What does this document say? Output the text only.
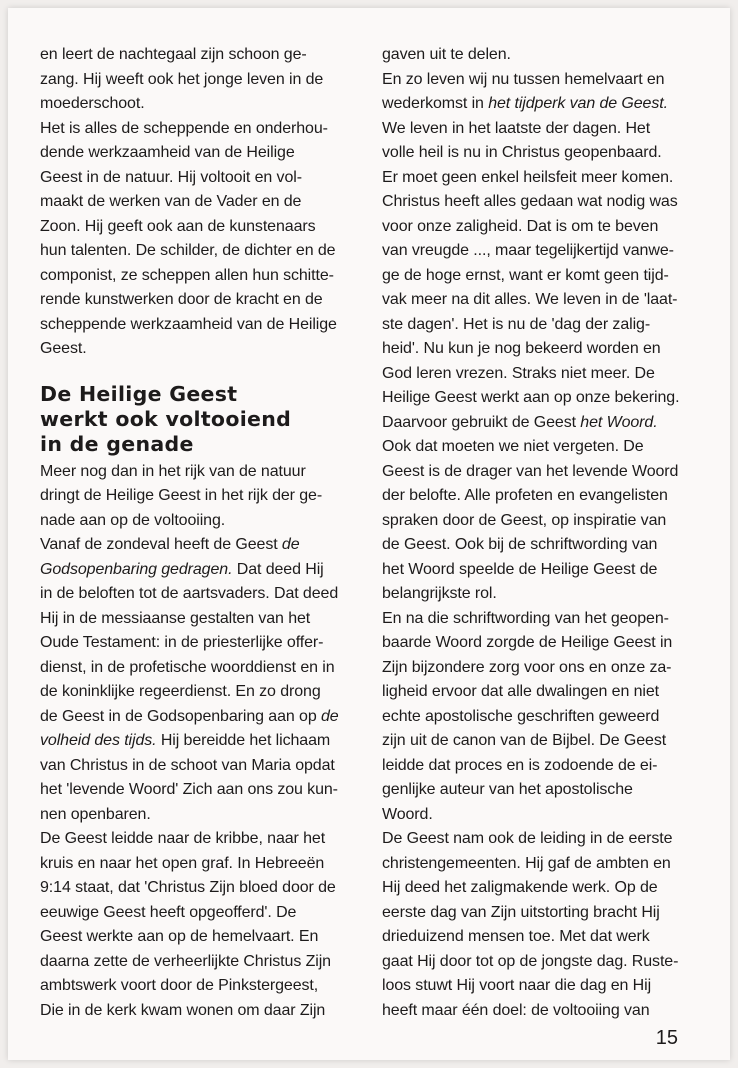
en leert de nachtegaal zijn schoon ge-
zang. Hij weeft ook het jonge leven in de
moederschoot.
Het is alles de scheppende en onderhou-
dende werkzaamheid van de Heilige
Geest in de natuur. Hij voltooit en vol-
maakt de werken van de Vader en de
Zoon. Hij geeft ook aan de kunstenaars
hun talenten. De schilder, de dichter en de
componist, ze scheppen allen hun schitte-
rende kunstwerken door de kracht en de
scheppende werkzaamheid van de Heilige
Geest.
De Heilige Geest
werkt ook voltooiend
in de genade
Meer nog dan in het rijk van de natuur
dringt de Heilige Geest in het rijk der ge-
nade aan op de voltooiing.
Vanaf de zondeval heeft de Geest de
Godsopenbaring gedragen. Dat deed Hij
in de beloften tot de aartsvaders. Dat deed
Hij in de messiaanse gestalten van het
Oude Testament: in de priesterlijke offer-
dienst, in de profetische woorddienst en in
de koninklijke regeerdienst. En zo drong
de Geest in de Godsopenbaring aan op de
volheid des tijds. Hij bereidde het lichaam
van Christus in de schoot van Maria opdat
het 'levende Woord' Zich aan ons zou kun-
nen openbaren.
De Geest leidde naar de kribbe, naar het
kruis en naar het open graf. In Hebreeën
9:14 staat, dat 'Christus Zijn bloed door de
eeuwige Geest heeft opgeofferd'. De
Geest werkte aan op de hemelvaart. En
daarna zette de verheerlijkte Christus Zijn
ambtswerk voort door de Pinkstergeest,
Die in de kerk kwam wonen om daar Zijn
gaven uit te delen.
En zo leven wij nu tussen hemelvaart en
wederkomst in het tijdperk van de Geest.
We leven in het laatste der dagen. Het
volle heil is nu in Christus geopenbaard.
Er moet geen enkel heilsfeit meer komen.
Christus heeft alles gedaan wat nodig was
voor onze zaligheid. Dat is om te beven
van vreugde ..., maar tegelijkertijd vanwe-
ge de hoge ernst, want er komt geen tijd-
vak meer na dit alles. We leven in de 'laat-
ste dagen'. Het is nu de 'dag der zalig-
heid'. Nu kun je nog bekeerd worden en
God leren vrezen. Straks niet meer. De
Heilige Geest werkt aan op onze bekering.
Daarvoor gebruikt de Geest het Woord.
Ook dat moeten we niet vergeten. De
Geest is de drager van het levende Woord
der belofte. Alle profeten en evangelisten
spraken door de Geest, op inspiratie van
de Geest. Ook bij de schriftwording van
het Woord speelde de Heilige Geest de
belangrijkste rol.
En na die schriftwording van het geopen-
baarde Woord zorgde de Heilige Geest in
Zijn bijzondere zorg voor ons en onze za-
ligheid ervoor dat alle dwalingen en niet
echte apostolische geschriften geweerd
zijn uit de canon van de Bijbel. De Geest
leidde dat proces en is zodoende de ei-
genlijke auteur van het apostolische
Woord.
De Geest nam ook de leiding in de eerste
christengemeenten. Hij gaf de ambten en
Hij deed het zaligmakende werk. Op de
eerste dag van Zijn uitstorting bracht Hij
drieduizend mensen toe. Met dat werk
gaat Hij door tot op de jongste dag. Ruste-
loos stuwt Hij voort naar die dag en Hij
heeft maar één doel: de voltooiing van
15
